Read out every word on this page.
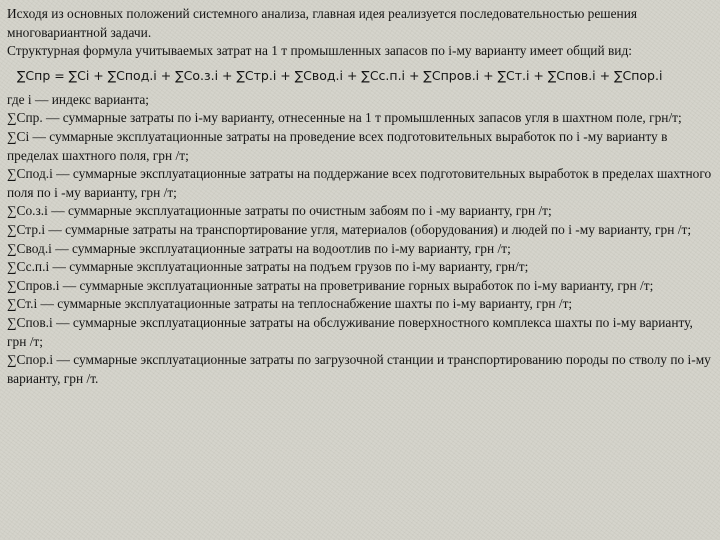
Исходя из основных положений системного анализа, главная идея реализуется последовательностью решения многовариантной задачи.

Структурная формула учитываемых затрат на 1 т промышленных запасов по i-му варианту имеет общий вид:

∑Спр = ∑Сi + ∑Спод.i + ∑Со.з.i + ∑Стр.i + ∑Свод.i + ∑Сс.п.i + ∑Спров.i + ∑Ст.i + ∑Спов.i + ∑Спор.i

где i — индекс варианта;

∑Спр. — суммарные затраты по i-му варианту, отнесенные на 1 т промышленных запасов угля в шахтном поле, грн/т;

∑Сi — суммарные эксплуатационные затраты на проведение всех подготовительных выработок по i -му варианту в пределах шахтного поля, грн /т;

∑Спод.i — суммарные эксплуатационные затраты на поддержание всех подготовительных выработок в пределах шахтного поля по i -му варианту, грн /т;

∑Со.з.i — суммарные эксплуатационные затраты по очистным забоям по i -му варианту, грн /т;

∑Стр.i — суммарные затраты на транспортирование угля, материалов (оборудования) и людей по i -му варианту, грн /т;

∑Свод.i — суммарные эксплуатационные затраты на водоотлив по i-му варианту, грн /т;

∑Сс.п.i — суммарные эксплуатационные затраты на подъем грузов по i-му варианту, грн/т;

∑Спров.i — суммарные эксплуатационные затраты на проветривание горных выработок по i-му варианту, грн /т;

∑Ст.i — суммарные эксплуатационные затраты на теплоснабжение шахты по i-му варианту, грн /т;

∑Спов.i — суммарные эксплуатационные затраты на обслуживание поверхностного комплекса шахты по i-му варианту, грн /т;

∑Спор.i — суммарные эксплуатационные затраты по загрузочной станции и транспортированию породы по стволу по i-му варианту, грн /т.
